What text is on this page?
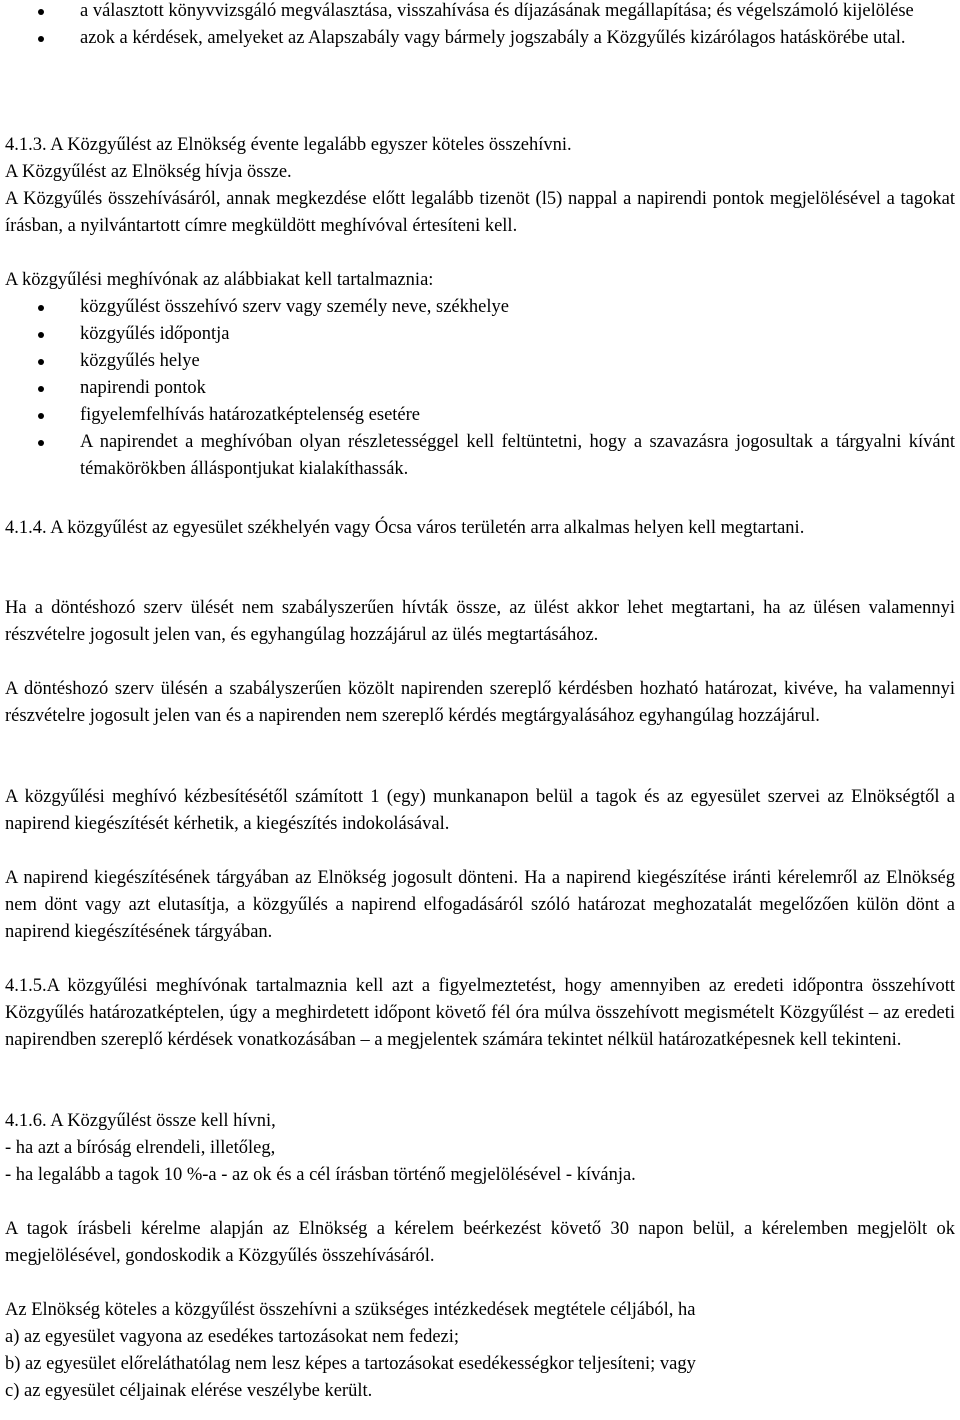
a választott könyvvizsgáló megválasztása, visszahívása és díjazásának megállapítása; és végelszámoló kijelölése
azok a kérdések, amelyeket az Alapszabály vagy bármely jogszabály a Közgyűlés kizárólagos hatáskörébe utal.
4.1.3. A Közgyűlést az Elnökség évente legalább egyszer köteles összehívni.
A Közgyűlést az Elnökség hívja össze.
A Közgyűlés összehívásáról, annak megkezdése előtt legalább tizenöt (l5) nappal a napirendi pontok megjelölésével a tagokat írásban, a nyilvántartott címre megküldött meghívóval értesíteni kell.
A közgyűlési meghívónak az alábbiakat kell tartalmaznia:
közgyűlést összehívó szerv vagy személy neve, székhelye
közgyűlés időpontja
közgyűlés helye
napirendi pontok
figyelemfelhívás határozatképtelenség esetére
A napirendet a meghívóban olyan részletességgel kell feltüntetni, hogy a szavazásra jogosultak a tárgyalni kívánt témakörökben álláspontjukat kialakíthassák.
4.1.4. A közgyűlést az egyesület székhelyén vagy Ócsa város területén arra alkalmas helyen kell megtartani.
Ha a döntéshozó szerv ülését nem szabályszerűen hívták össze, az ülést akkor lehet megtartani, ha az ülésen valamennyi részvételre jogosult jelen van, és egyhangúlag hozzájárul az ülés megtartásához.
A döntéshozó szerv ülésén a szabályszerűen közölt napirenden szereplő kérdésben hozható határozat, kivéve, ha valamennyi részvételre jogosult jelen van és a napirenden nem szereplő kérdés megtárgyalásához egyhangúlag hozzájárul.
A közgyűlési meghívó kézbesítésétől számított 1 (egy) munkanapon belül a tagok és az egyesület szervei az Elnökségtől a napirend kiegészítését kérhetik, a kiegészítés indokolásával.
A napirend kiegészítésének tárgyában az Elnökség jogosult dönteni. Ha a napirend kiegészítése iránti kérelemről az Elnökség nem dönt vagy azt elutasítja, a közgyűlés a napirend elfogadásáról szóló határozat meghozatalát megelőzően külön dönt a napirend kiegészítésének tárgyában.
4.1.5.A közgyűlési meghívónak tartalmaznia kell azt a figyelmeztetést, hogy amennyiben az eredeti időpontra összehívott Közgyűlés határozatképtelen, úgy a meghirdetett időpont követő fél óra múlva összehívott megismételt Közgyűlést – az eredeti napirendben szereplő kérdések vonatkozásában – a megjelentek számára tekintet nélkül határozatképesnek kell tekinteni.
4.1.6. A Közgyűlést össze kell hívni,
- ha azt a bíróság elrendeli, illetőleg,
- ha legalább a tagok 10 %-a - az ok és a cél írásban történő megjelölésével - kívánja.
A tagok írásbeli kérelme alapján az Elnökség a kérelem beérkezést követő 30 napon belül, a kérelemben megjelölt ok megjelölésével, gondoskodik a Közgyűlés összehívásáról.
Az Elnökség köteles a közgyűlést összehívni a szükséges intézkedések megtétele céljából, ha
a) az egyesület vagyona az esedékes tartozásokat nem fedezi;
b) az egyesület előreláthatólag nem lesz képes a tartozásokat esedékességkor teljesíteni; vagy
c) az egyesület céljainak elérése veszélybe került.
